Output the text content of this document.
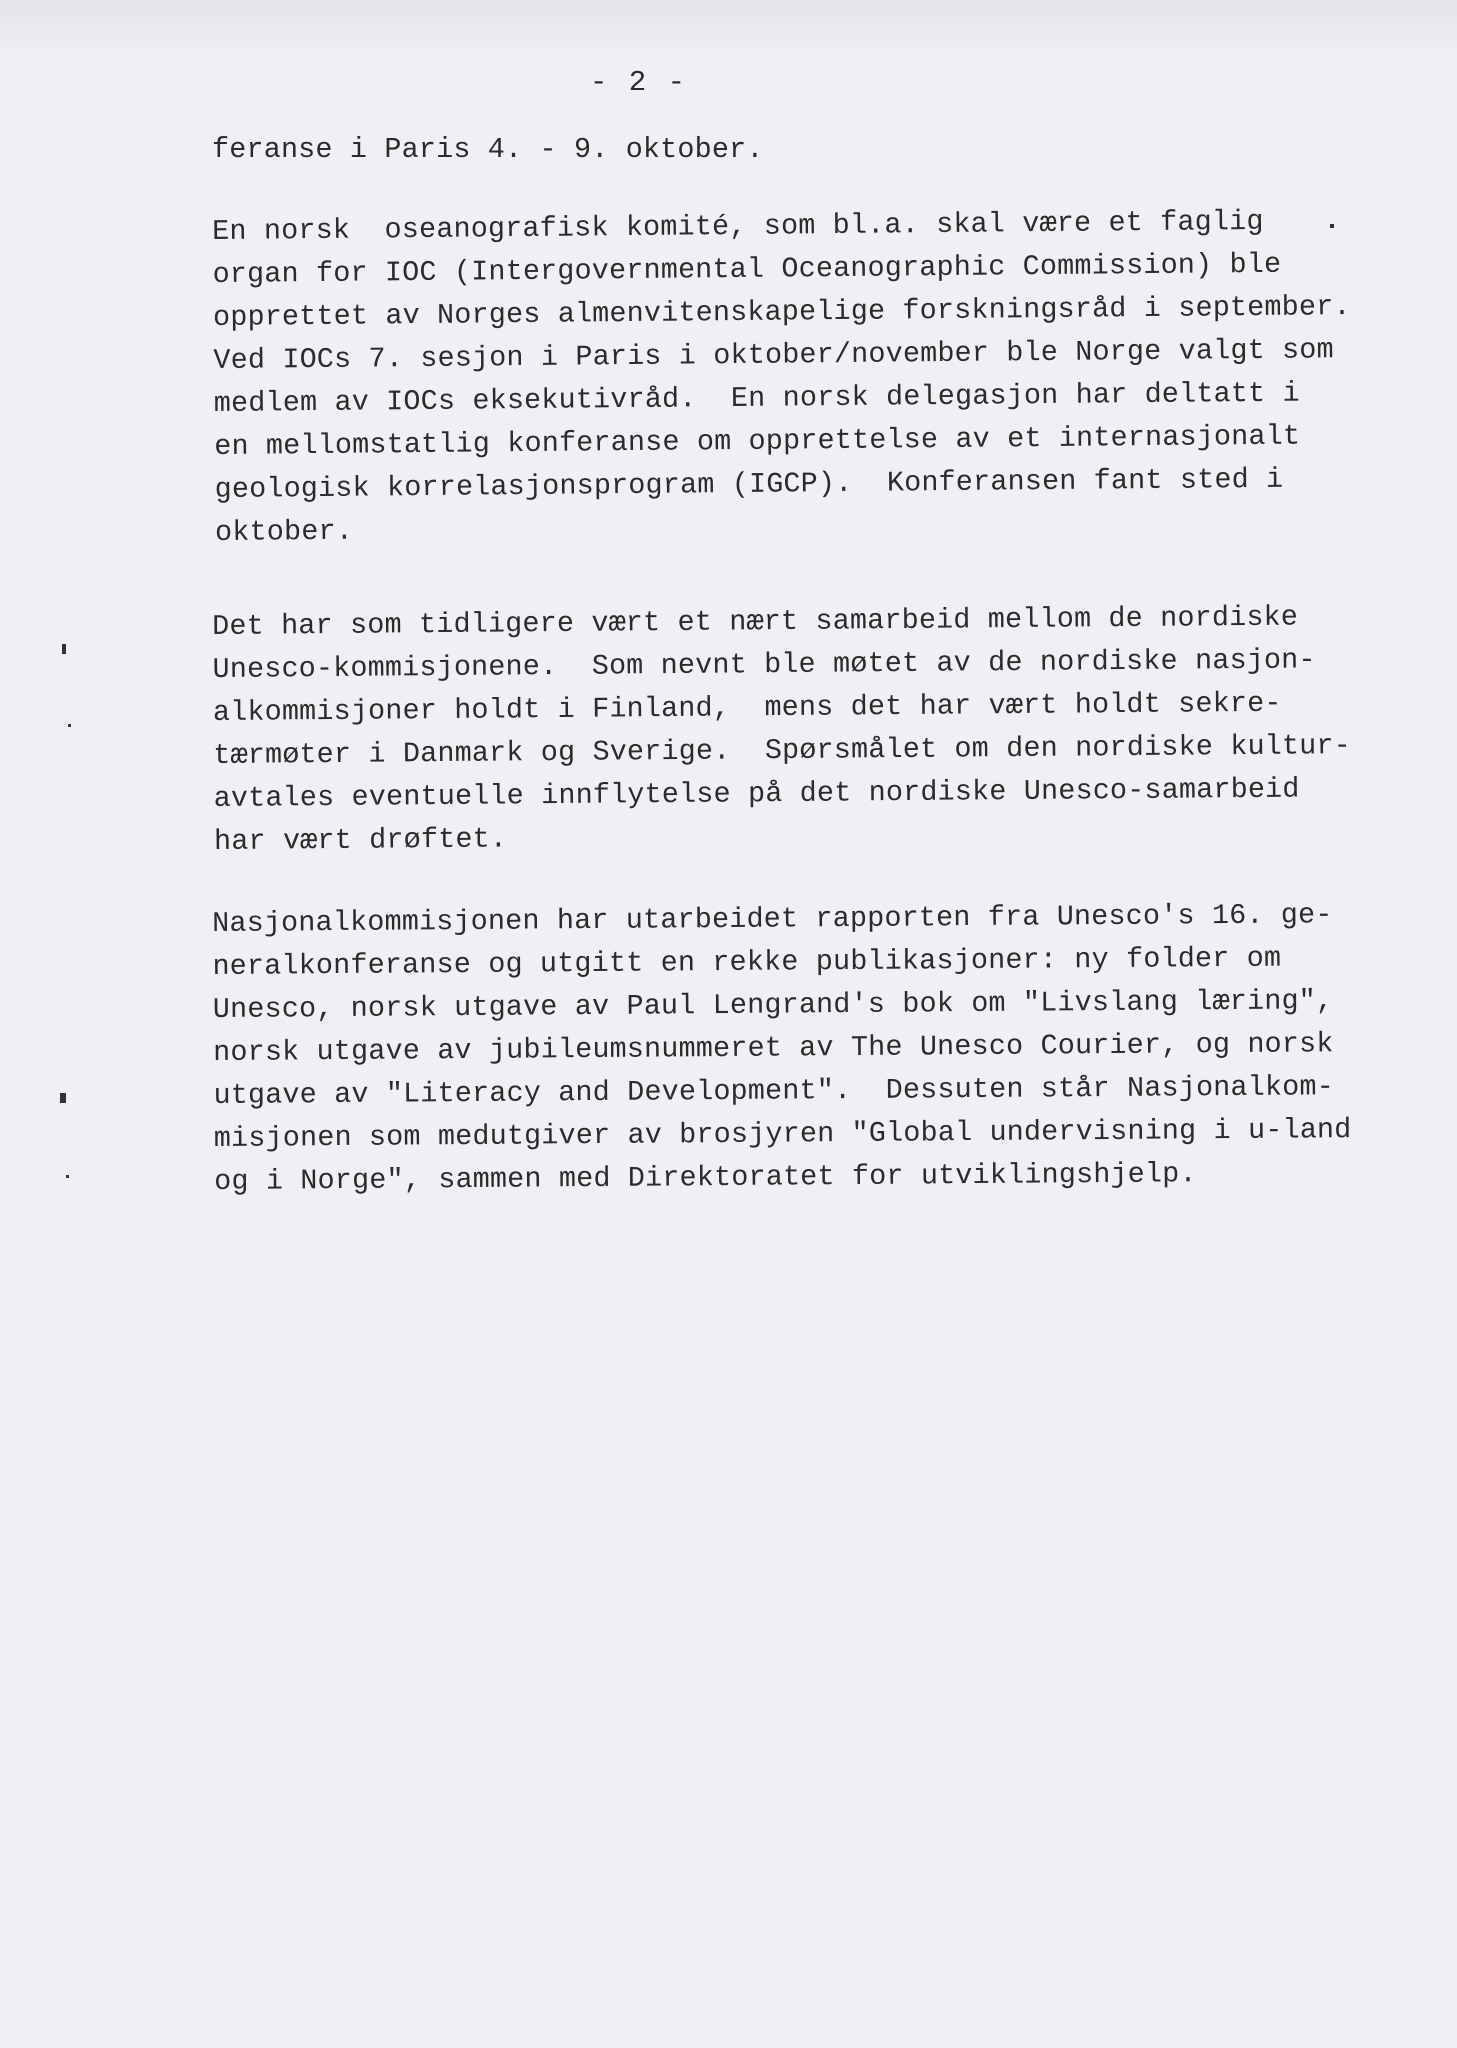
- 2 -
feranse i Paris 4. - 9. oktober.
En norsk  oseanografisk komité, som bl.a. skal være et faglig
organ for IOC (Intergovernmental Oceanographic Commission) ble
opprettet av Norges almenvitenskapelige forskningsråd i september.
Ved IOCs 7. sesjon i Paris i oktober/november ble Norge valgt som
medlem av IOCs eksekutivråd.  En norsk delegasjon har deltatt i
en mellomstatlig konferanse om opprettelse av et internasjonalt
geologisk korrelasjonsprogram (IGCP).  Konferansen fant sted i
oktober.
Det har som tidligere vært et nært samarbeid mellom de nordiske
Unesco-kommisjonene.  Som nevnt ble møtet av de nordiske nasjon-
alkommisjoner holdt i Finland,  mens det har vært holdt sekre-
tærmøter i Danmark og Sverige.  Spørsmålet om den nordiske kultur-
avtales eventuelle innflytelse på det nordiske Unesco-samarbeid
har vært drøftet.
Nasjonalkommisjonen har utarbeidet rapporten fra Unesco's 16. ge-
neralkonferanse og utgitt en rekke publikasjoner: ny folder om
Unesco, norsk utgave av Paul Lengrand's bok om "Livslang læring",
norsk utgave av jubileumsnummeret av The Unesco Courier, og norsk
utgave av "Literacy and Development".  Dessuten står Nasjonalkom-
misjonen som medutgiver av brosjyren "Global undervisning i u-land
og i Norge", sammen med Direktoratet for utviklingshjelp.
